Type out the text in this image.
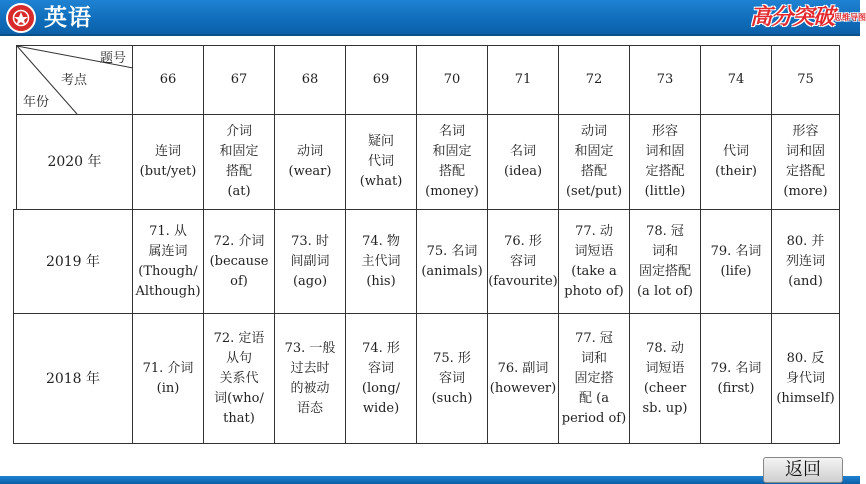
英语	高分突破思维导图
题号
考点
年份	66	67	68	69	70	71	72	73	74	75
2020 年	连词
(but/yet)	介词
和固定
搭配
(at)	动词
(wear)	疑问
代词
(what)	名词
和固定
搭配
(money)	名词
(idea)	动词
和固定
搭配
(set/put)	形容
词和固
定搭配
(little)	代词
(their)	形容
词和固
定搭配
(more)
2019 年	71. 从
属连词
(Though/
Although)	72. 介词
(because
of)	73. 时
间副词
(ago)	74. 物
主代词
(his)	75. 名词
(animals)	76. 形
容词
(favourite)	77. 动
词短语
(take a
photo of)	78. 冠
词和
固定搭配
(a lot of)	79. 名词
(life)	80. 并
列连词
(and)
2018 年	71. 介词
(in)	72. 定语
从句
关系代
词(who/
that)	73. 一般
过去时
的被动
语态	74. 形
容词
(long/
wide)	75. 形
容词
(such)	76. 副词
(however)	77. 冠
词和
固定搭
配 (a
period of)	78. 动
词短语
(cheer
sb. up)	79. 名词
(first)	80. 反
身代词
(himself)
返回
